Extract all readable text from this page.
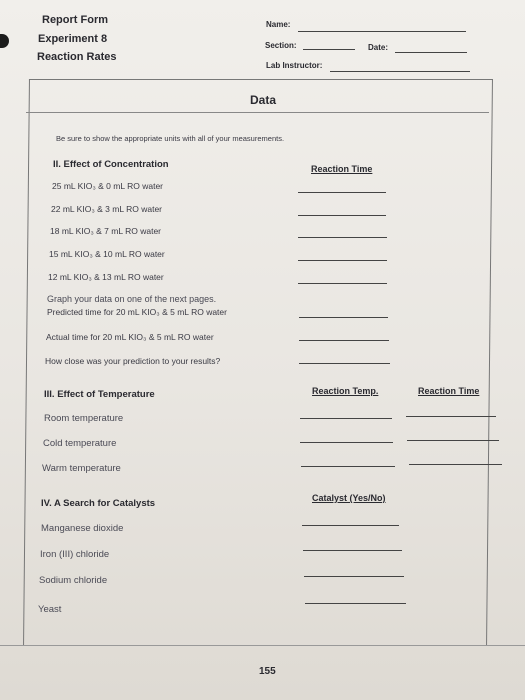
Report Form
Experiment 8
Reaction Rates
Name:
Section:	Date:
Lab Instructor:
Data
Be sure to show the appropriate units with all of your measurements.
II. Effect of Concentration	Reaction Time
25 mL KIO₃ & 0 mL RO water
22 mL KIO₃ & 3 mL RO water
18 mL KIO₃ & 7 mL RO water
15 mL KIO₃ & 10 mL RO water
12 mL KIO₃ & 13 mL RO water
Graph your data on one of the next pages.
Predicted time for 20 mL KIO₃ & 5 mL RO water
Actual time for 20 mL KIO₃ & 5 mL RO water
How close was your prediction to your results?
III. Effect of Temperature	Reaction Temp.	Reaction Time
Room temperature
Cold temperature
Warm temperature
IV. A Search for Catalysts	Catalyst (Yes/No)
Manganese dioxide
Iron (III) chloride
Sodium chloride
Yeast
155
